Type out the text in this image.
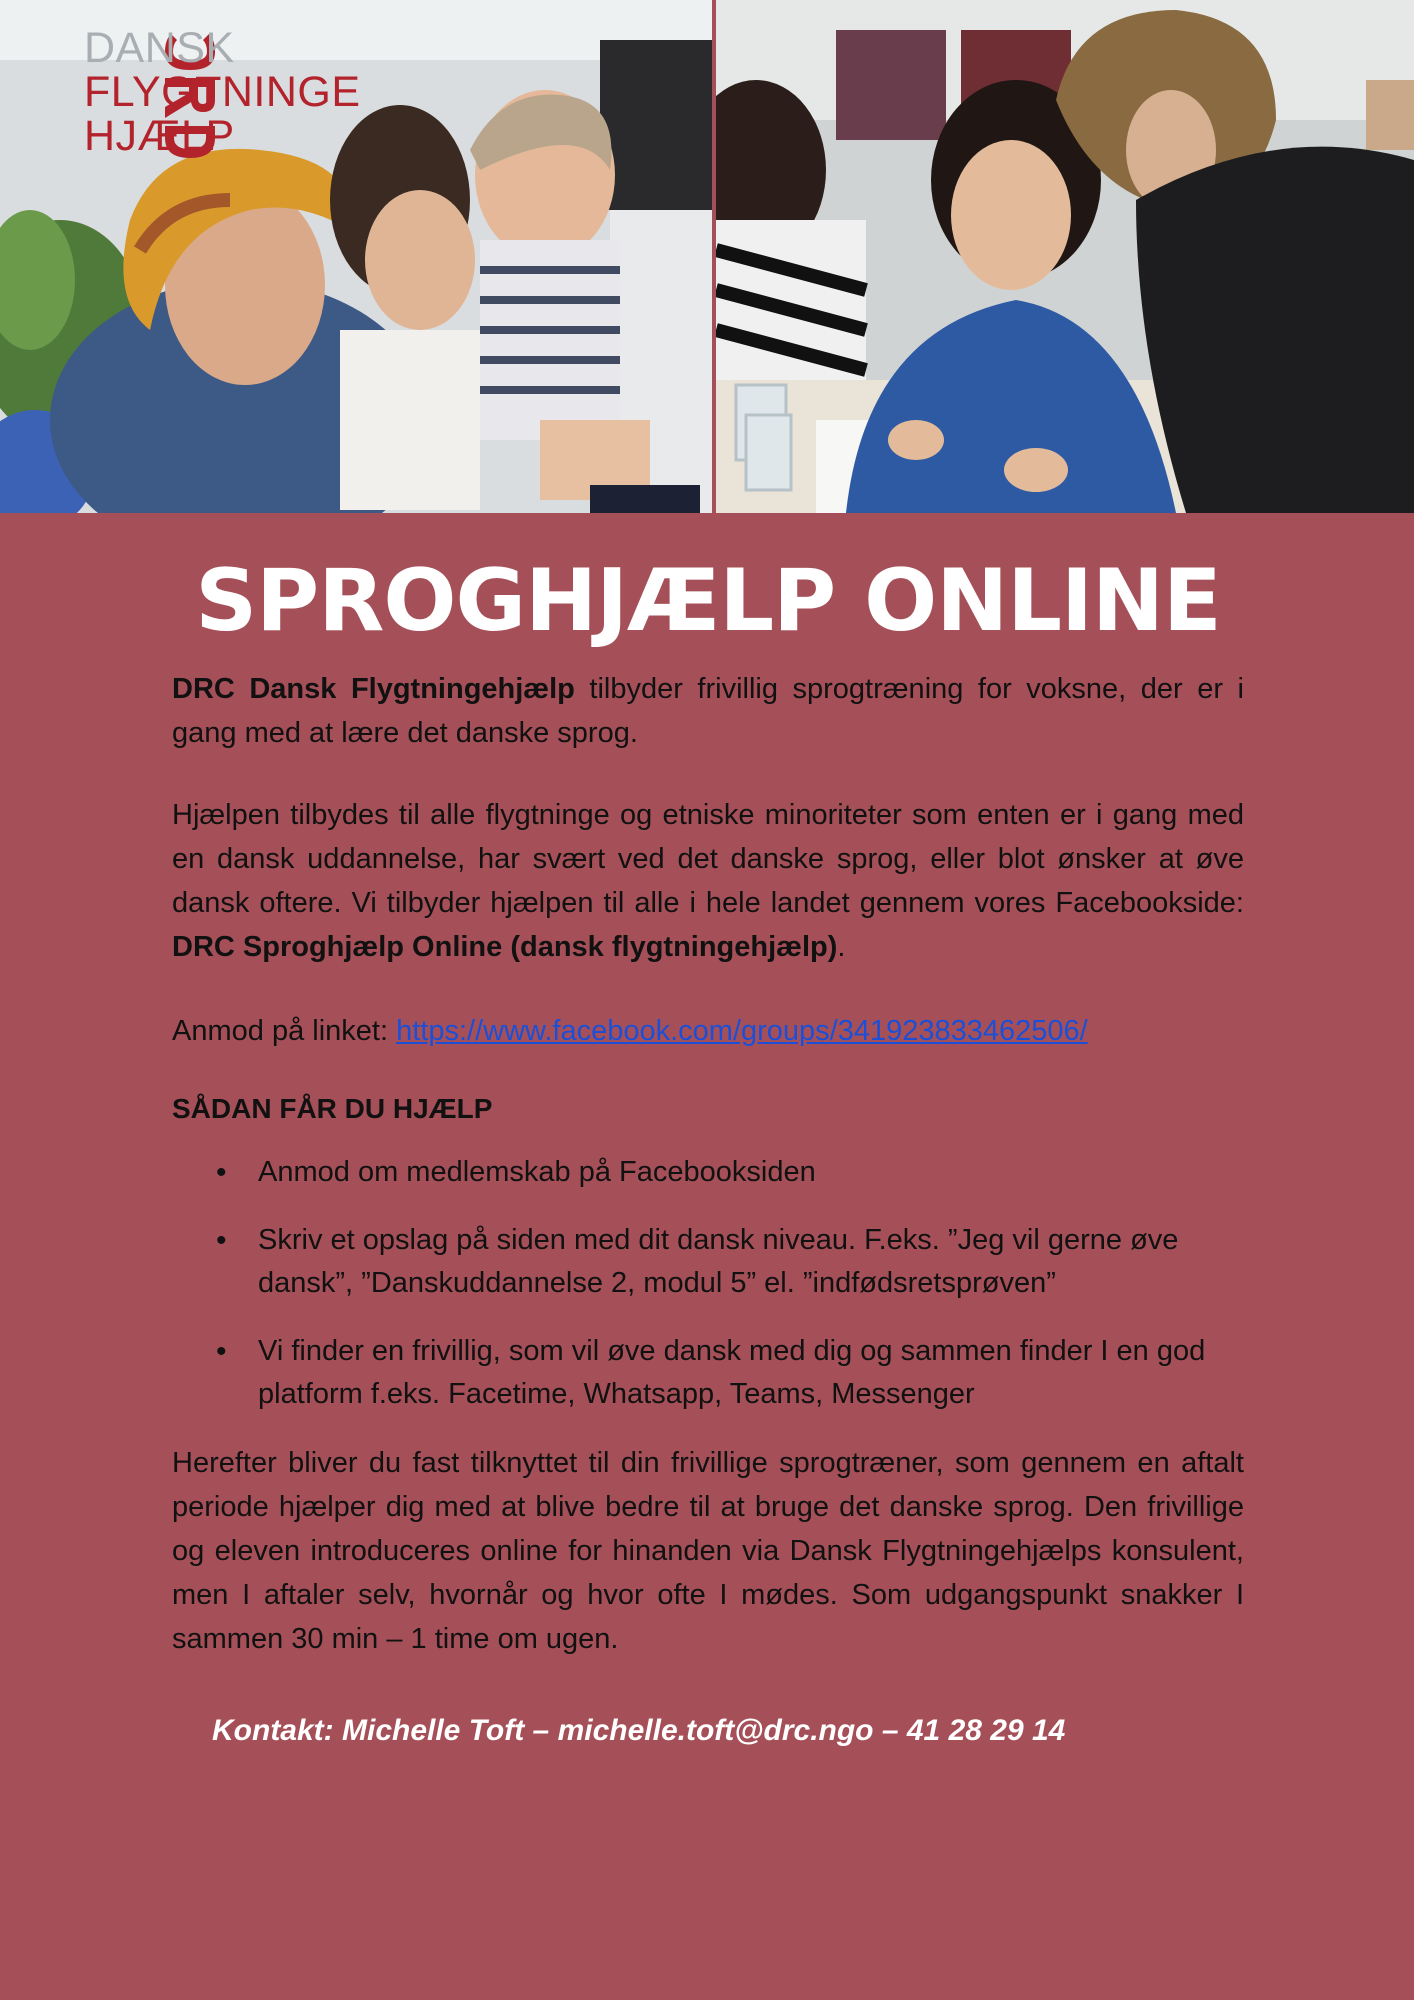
DANSK
FLYGTNINGE
HJÆLP
SPROGHJÆLP ONLINE

DRC Dansk Flygtningehjælp tilbyder frivillig sprogtræning for voksne, der er i gang med at lære det danske sprog.

Hjælpen tilbydes til alle flygtninge og etniske minoriteter som enten er i gang med en dansk uddannelse, har svært ved det danske sprog, eller blot ønsker at øve dansk oftere. Vi tilbyder hjælpen til alle i hele landet gennem vores Facebookside: DRC Sproghjælp Online (dansk flygtningehjælp).

Anmod på linket: https://www.facebook.com/groups/341923833462506/

SÅDAN FÅR DU HJÆLP
• Anmod om medlemskab på Facebooksiden
• Skriv et opslag på siden med dit dansk niveau. F.eks. ”Jeg vil gerne øve dansk”, ”Danskuddannelse 2, modul 5” el. ”indfødsretsprøven”
• Vi finder en frivillig, som vil øve dansk med dig og sammen finder I en god platform f.eks. Facetime, Whatsapp, Teams, Messenger

Herefter bliver du fast tilknyttet til din frivillige sprogtræner, som gennem en aftalt periode hjælper dig med at blive bedre til at bruge det danske sprog. Den frivillige og eleven introduceres online for hinanden via Dansk Flygtningehjælps konsulent, men I aftaler selv, hvornår og hvor ofte I mødes. Som udgangspunkt snakker I sammen 30 min – 1 time om ugen.

Kontakt: Michelle Toft – michelle.toft@drc.ngo – 41 28 29 14
